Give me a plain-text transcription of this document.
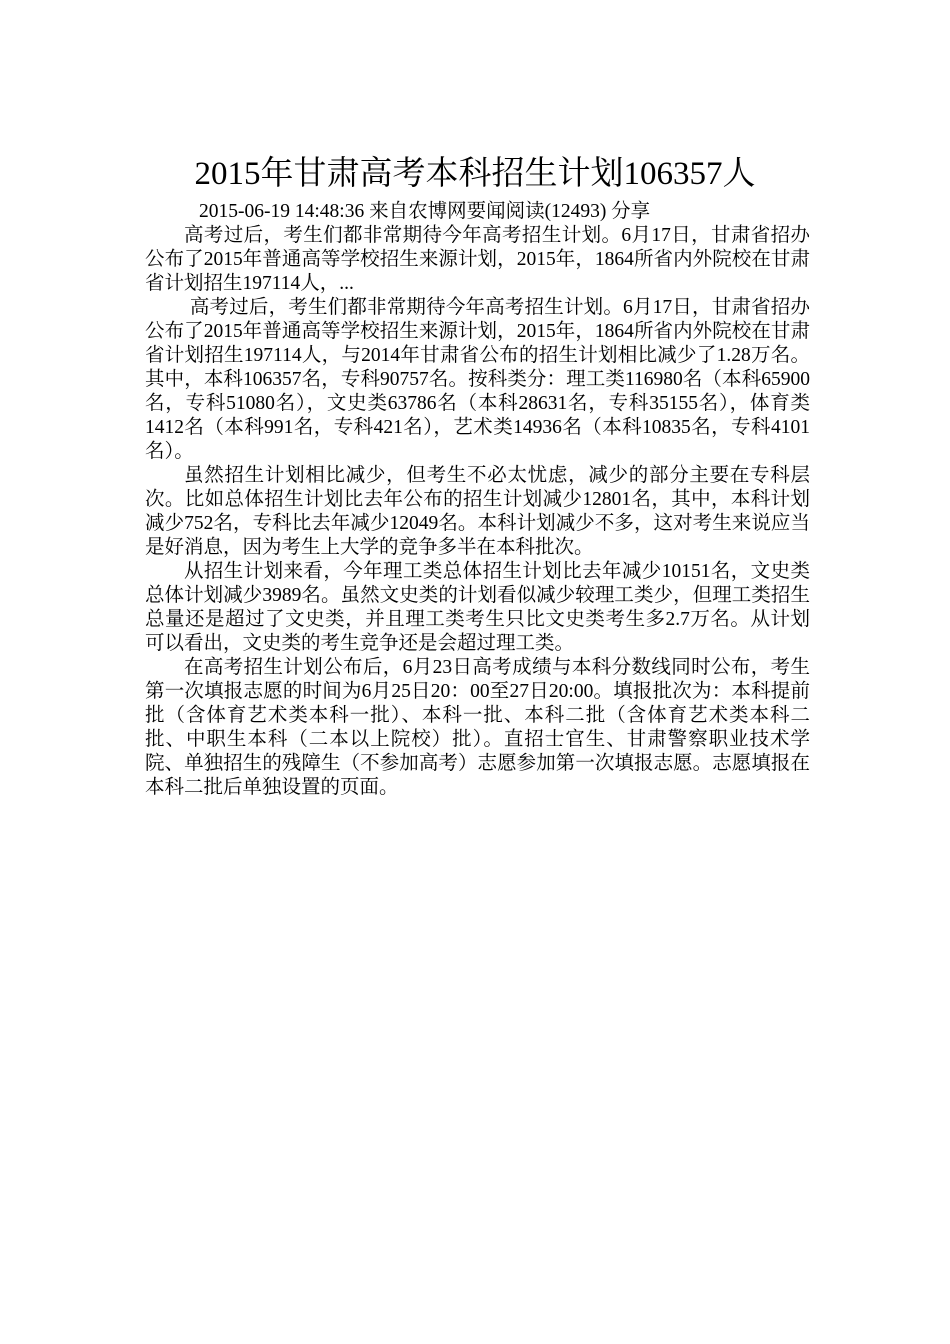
2015年甘肃高考本科招生计划106357人
2015-06-19 14:48:36 来自农博网要闻阅读(12493) 分享

高考过后，考生们都非常期待今年高考招生计划。6月17日，甘肃省招办公布了2015年普通高等学校招生来源计划，2015年，1864所省内外院校在甘肃省计划招生197114人，...

高考过后，考生们都非常期待今年高考招生计划。6月17日，甘肃省招办公布了2015年普通高等学校招生来源计划，2015年，1864所省内外院校在甘肃省计划招生197114人，与2014年甘肃省公布的招生计划相比减少了1.28万名。其中，本科106357名，专科90757名。按科类分：理工类116980名（本科65900名，专科51080名），文史类63786名（本科28631名，专科35155名），体育类1412名（本科991名，专科421名），艺术类14936名（本科10835名，专科4101名）。

虽然招生计划相比减少，但考生不必太忧虑，减少的部分主要在专科层次。比如总体招生计划比去年公布的招生计划减少12801名，其中，本科计划减少752名，专科比去年减少12049名。本科计划减少不多，这对考生来说应当是好消息，因为考生上大学的竞争多半在本科批次。

从招生计划来看，今年理工类总体招生计划比去年减少10151名，文史类总体计划减少3989名。虽然文史类的计划看似减少较理工类少，但理工类招生总量还是超过了文史类，并且理工类考生只比文史类考生多2.7万名。从计划可以看出，文史类的考生竞争还是会超过理工类。

在高考招生计划公布后，6月23日高考成绩与本科分数线同时公布，考生第一次填报志愿的时间为6月25日20：00至27日20:00。填报批次为：本科提前批（含体育艺术类本科一批）、本科一批、本科二批（含体育艺术类本科二批、中职生本科（二本以上院校）批）。直招士官生、甘肃警察职业技术学院、单独招生的残障生（不参加高考）志愿参加第一次填报志愿。志愿填报在本科二批后单独设置的页面。
